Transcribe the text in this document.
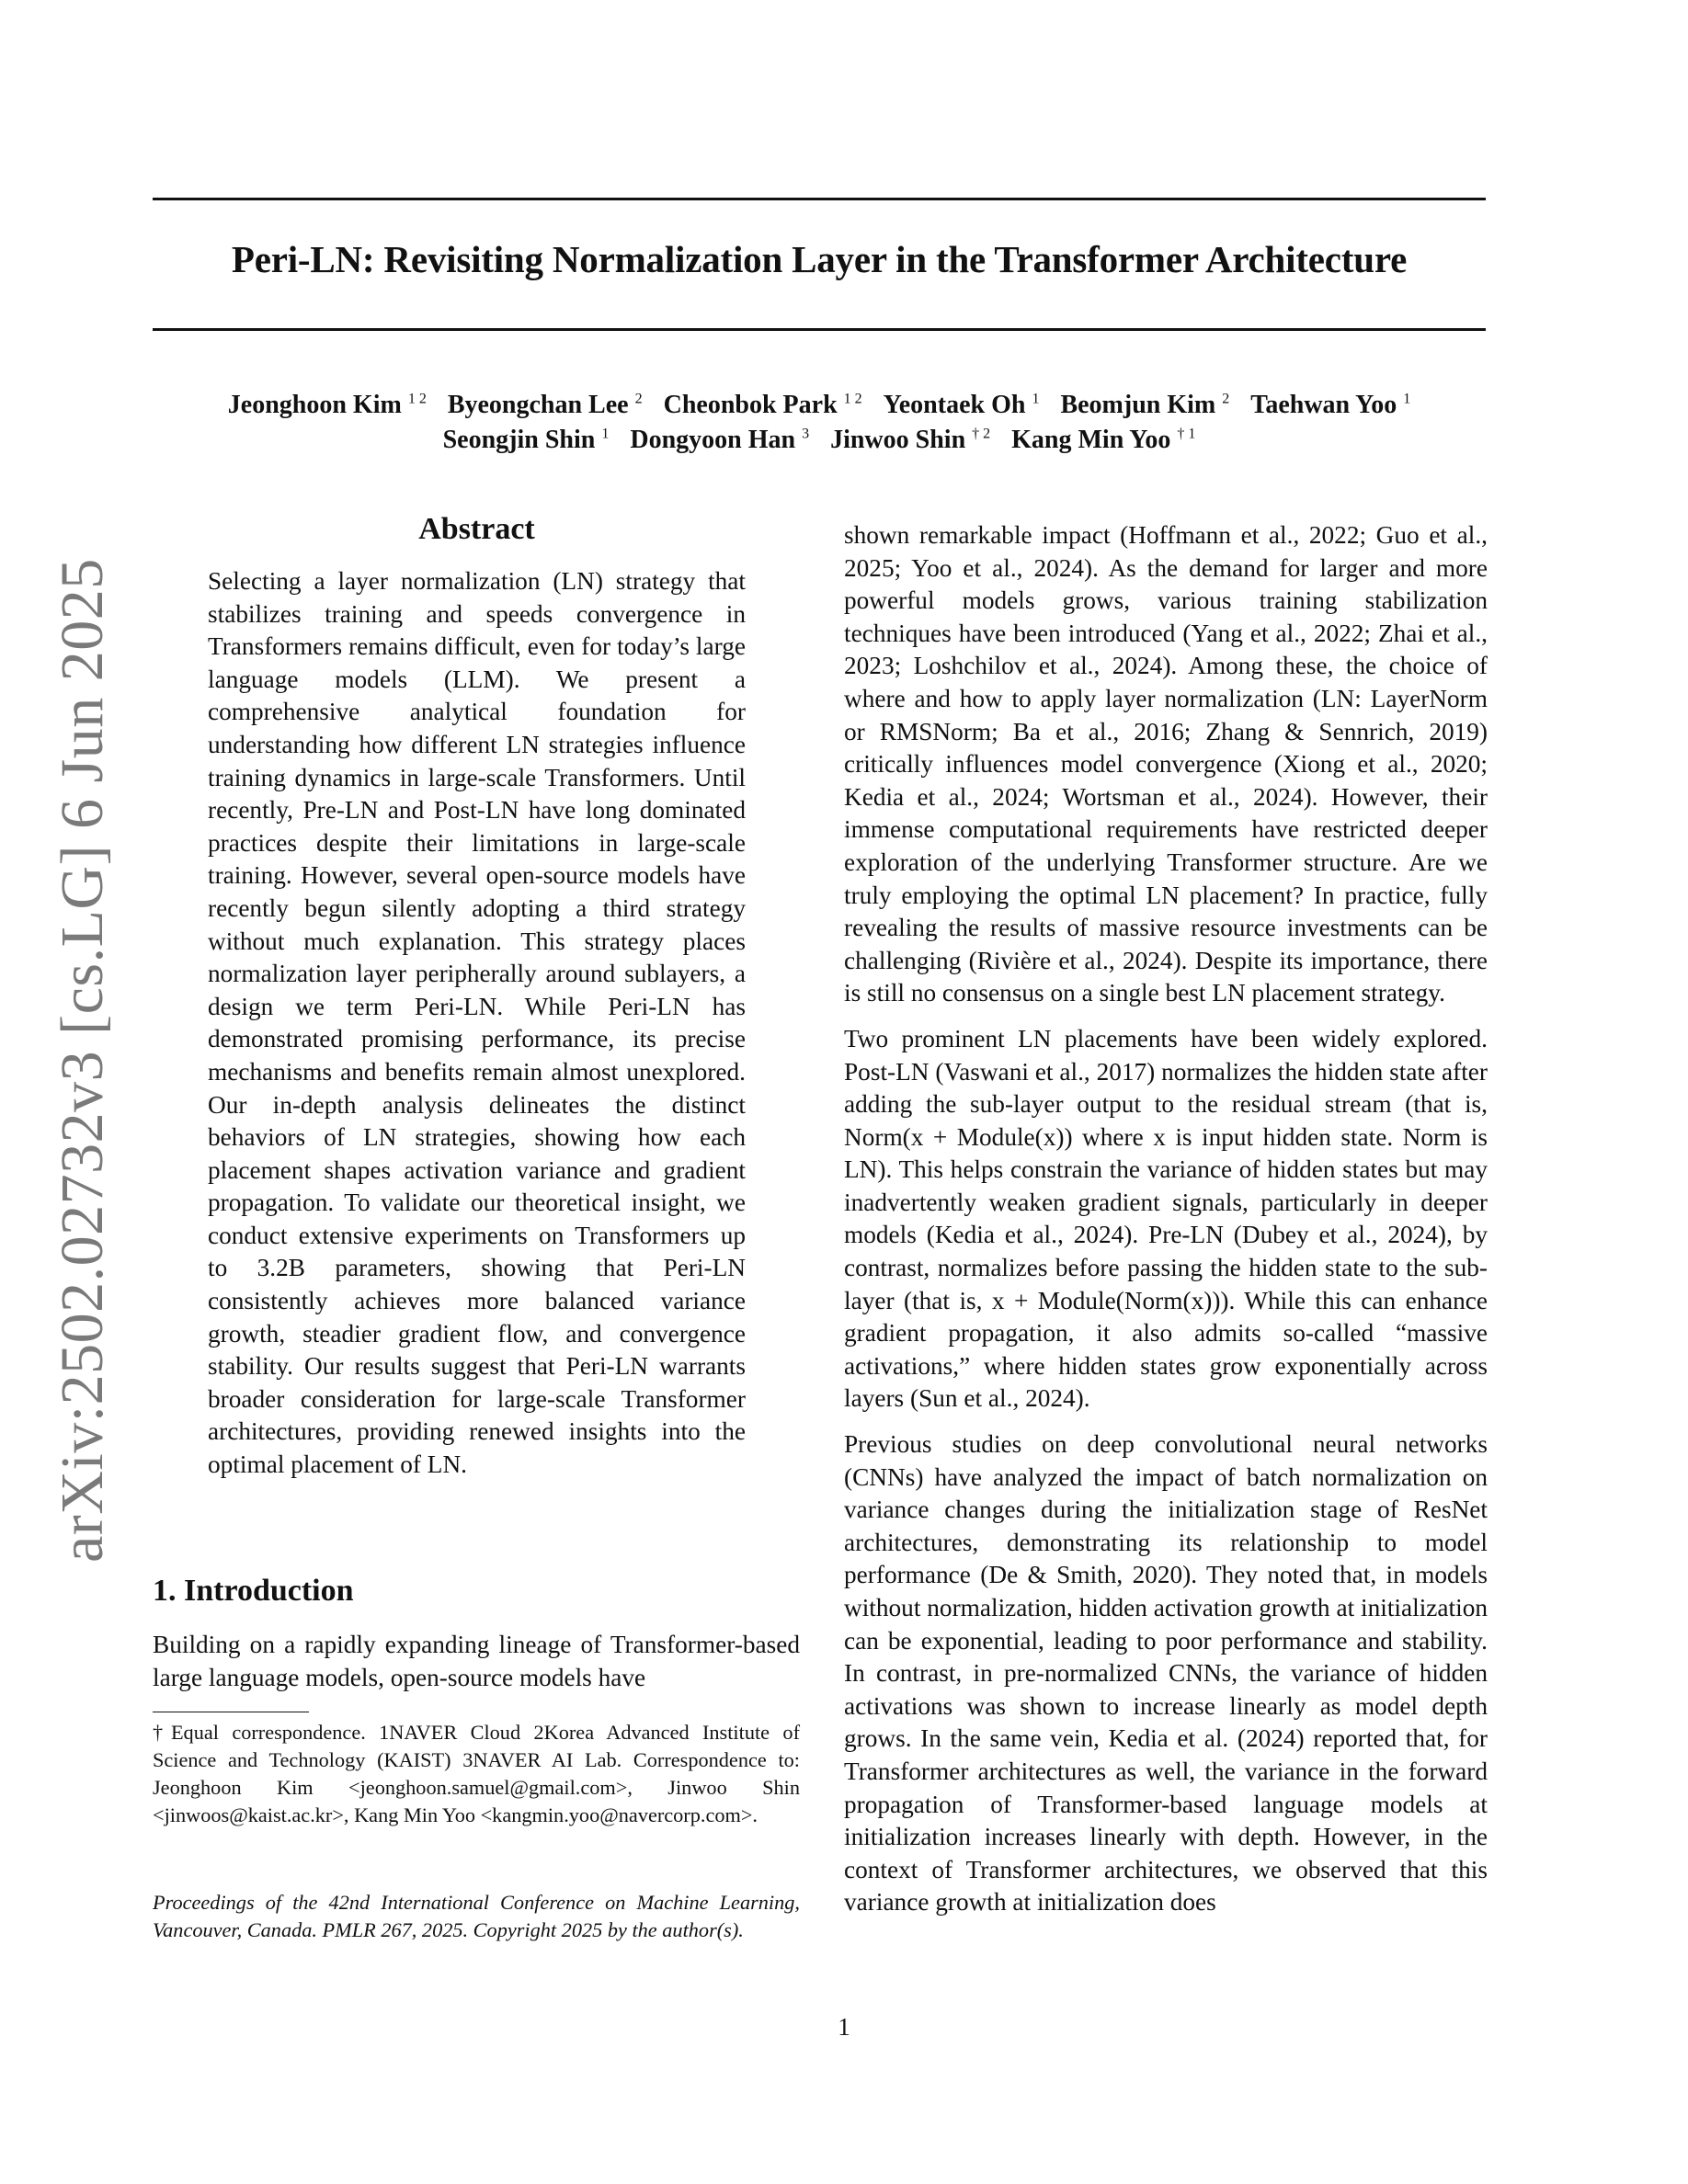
Peri-LN: Revisiting Normalization Layer in the Transformer Architecture
Jeonghoon Kim $^{1 2}$ Byeongchan Lee $^2$ Cheonbok Park $^{1 2}$ Yeontaek Oh $^1$ Beomjun Kim $^2$ Taehwan Yoo $^1$
Seongjin Shin $^1$ Dongyoon Han $^3$ Jinwoo Shin $^{\dagger 2}$ Kang Min Yoo $^{\dagger 1}$
arXiv:2502.02732v3 [cs.LG] 6 Jun 2025
Abstract

Selecting a layer normalization (LN) strategy that stabilizes training and speeds convergence in Transformers remains difficult, even for today’s large language models (LLM). We present a comprehensive analytical foundation for understanding how different LN strategies influence training dynamics in large-scale Transformers. Until recently, Pre-LN and Post-LN have long dominated practices despite their limitations in large-scale training. However, several open-source models have recently begun silently adopting a third strategy without much explanation. This strategy places normalization layer peripherally around sublayers, a design we term Peri-LN. While Peri-LN has demonstrated promising performance, its precise mechanisms and benefits remain almost unexplored. Our in-depth analysis delineates the distinct behaviors of LN strategies, showing how each placement shapes activation variance and gradient propagation. To validate our theoretical insight, we conduct extensive experiments on Transformers up to 3.2B parameters, showing that Peri-LN consistently achieves more balanced variance growth, steadier gradient flow, and convergence stability. Our results suggest that Peri-LN warrants broader consideration for large-scale Transformer architectures, providing renewed insights into the optimal placement of LN.

1. Introduction

Building on a rapidly expanding lineage of Transformer-based large language models, open-source models have

†Equal correspondence. 1NAVER Cloud 2Korea Advanced Institute of Science and Technology (KAIST) 3NAVER AI Lab. Correspondence to: Jeonghoon Kim <jeonghoon.samuel@gmail.com>, Jinwoo Shin <jinwoos@kaist.ac.kr>, Kang Min Yoo <kangmin.yoo@navercorp.com>.
Proceedings of the 42nd International Conference on Machine Learning, Vancouver, Canada. PMLR 267, 2025. Copyright 2025 by the author(s).

shown remarkable impact (Hoffmann et al., 2022; Guo et al., 2025; Yoo et al., 2024). As the demand for larger and more powerful models grows, various training stabilization techniques have been introduced (Yang et al., 2022; Zhai et al., 2023; Loshchilov et al., 2024). Among these, the choice of where and how to apply layer normalization (LN: LayerNorm or RMSNorm; Ba et al., 2016; Zhang & Sennrich, 2019) critically influences model convergence (Xiong et al., 2020; Kedia et al., 2024; Wortsman et al., 2024). However, their immense computational requirements have restricted deeper exploration of the underlying Transformer structure. Are we truly employing the optimal LN placement? In practice, fully revealing the results of massive resource investments can be challenging (Rivière et al., 2024). Despite its importance, there is still no consensus on a single best LN placement strategy.

Two prominent LN placements have been widely explored. Post-LN (Vaswani et al., 2017) normalizes the hidden state after adding the sub-layer output to the residual stream (that is, Norm(x + Module(x)) where x is input hidden state. Norm is LN). This helps constrain the variance of hidden states but may inadvertently weaken gradient signals, particularly in deeper models (Kedia et al., 2024). Pre-LN (Dubey et al., 2024), by contrast, normalizes before passing the hidden state to the sub-layer (that is, x + Module(Norm(x))). While this can enhance gradient propagation, it also admits so-called “massive activations,” where hidden states grow exponentially across layers (Sun et al., 2024).

Previous studies on deep convolutional neural networks (CNNs) have analyzed the impact of batch normalization on variance changes during the initialization stage of ResNet architectures, demonstrating its relationship to model performance (De & Smith, 2020). They noted that, in models without normalization, hidden activation growth at initialization can be exponential, leading to poor performance and stability. In contrast, in pre-normalized CNNs, the variance of hidden activations was shown to increase linearly as model depth grows. In the same vein, Kedia et al. (2024) reported that, for Transformer architectures as well, the variance in the forward propagation of Transformer-based language models at initialization increases linearly with depth. However, in the context of Transformer architectures, we observed that this variance growth at initialization does

1
